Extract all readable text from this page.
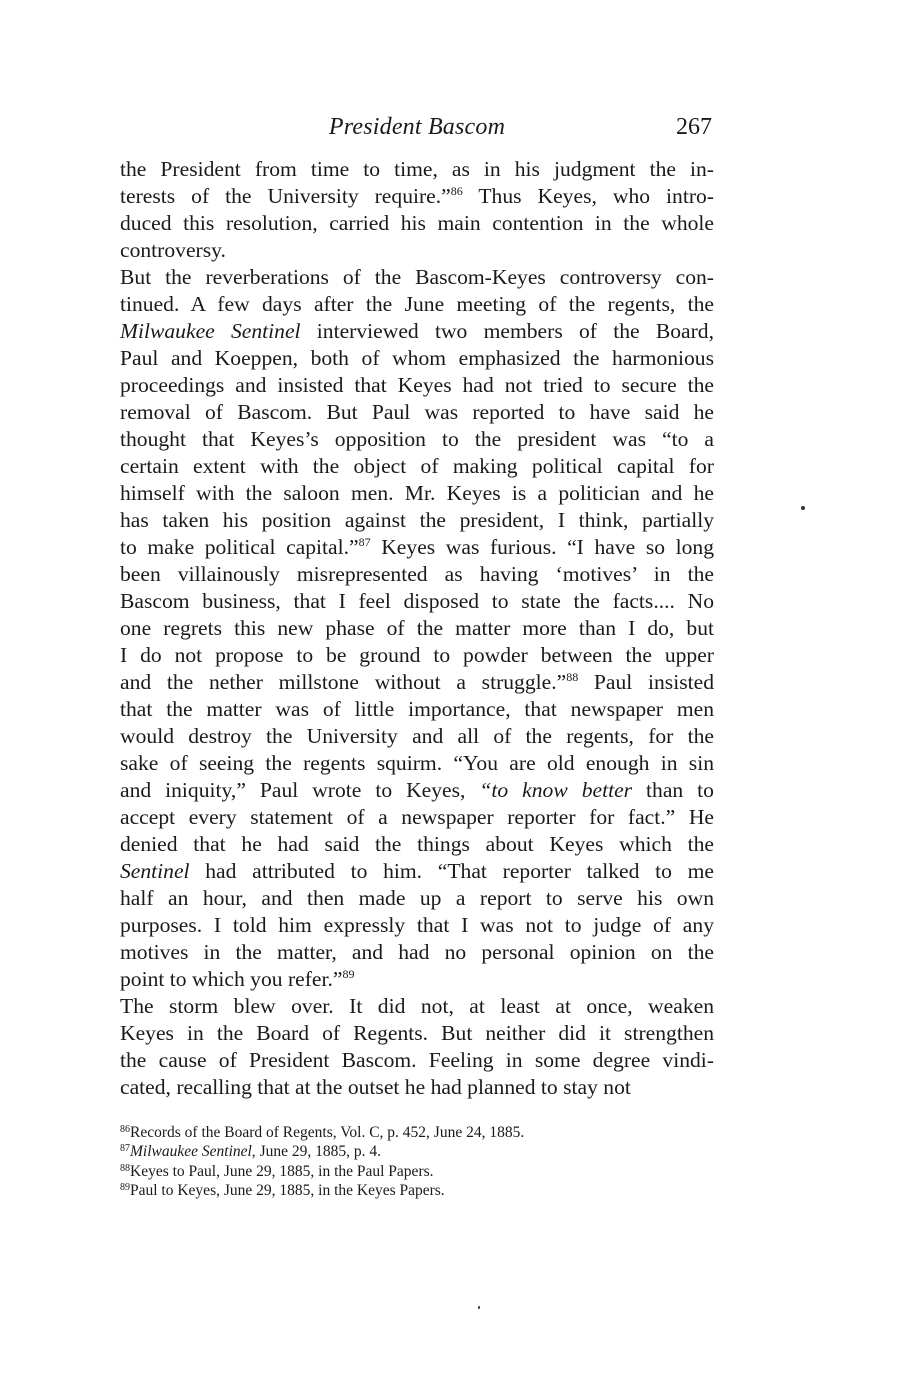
President Bascom	267
the President from time to time, as in his judgment the in-
terests of the University require.”$^{86}$ Thus Keyes, who intro-
duced this resolution, carried his main contention in the whole
controversy.
But the reverberations of the Bascom-Keyes controversy con-
tinued. A few days after the June meeting of the regents, the
Milwaukee Sentinel interviewed two members of the Board,
Paul and Koeppen, both of whom emphasized the harmonious
proceedings and insisted that Keyes had not tried to secure the
removal of Bascom. But Paul was reported to have said he
thought that Keyes’s opposition to the president was “to a
certain extent with the object of making political capital for
himself with the saloon men. Mr. Keyes is a politician and he
has taken his position against the president, I think, partially
to make political capital.”$^{87}$ Keyes was furious. “I have so long
been villainously misrepresented as having ‘motives’ in the
Bascom business, that I feel disposed to state the facts.... No
one regrets this new phase of the matter more than I do, but
I do not propose to be ground to powder between the upper
and the nether millstone without a struggle.”$^{88}$ Paul insisted
that the matter was of little importance, that newspaper men
would destroy the University and all of the regents, for the
sake of seeing the regents squirm. “You are old enough in sin
and iniquity,” Paul wrote to Keyes, “to know better than to
accept every statement of a newspaper reporter for fact.” He
denied that he had said the things about Keyes which the
Sentinel had attributed to him. “That reporter talked to me
half an hour, and then made up a report to serve his own
purposes. I told him expressly that I was not to judge of any
motives in the matter, and had no personal opinion on the
point to which you refer.”$^{89}$
The storm blew over. It did not, at least at once, weaken
Keyes in the Board of Regents. But neither did it strengthen
the cause of President Bascom. Feeling in some degree vindi-
cated, recalling that at the outset he had planned to stay not
$^{86}$Records of the Board of Regents, Vol. C, p. 452, June 24, 1885.
$^{87}$Milwaukee Sentinel, June 29, 1885, p. 4.
$^{88}$Keyes to Paul, June 29, 1885, in the Paul Papers.
$^{89}$Paul to Keyes, June 29, 1885, in the Keyes Papers.
